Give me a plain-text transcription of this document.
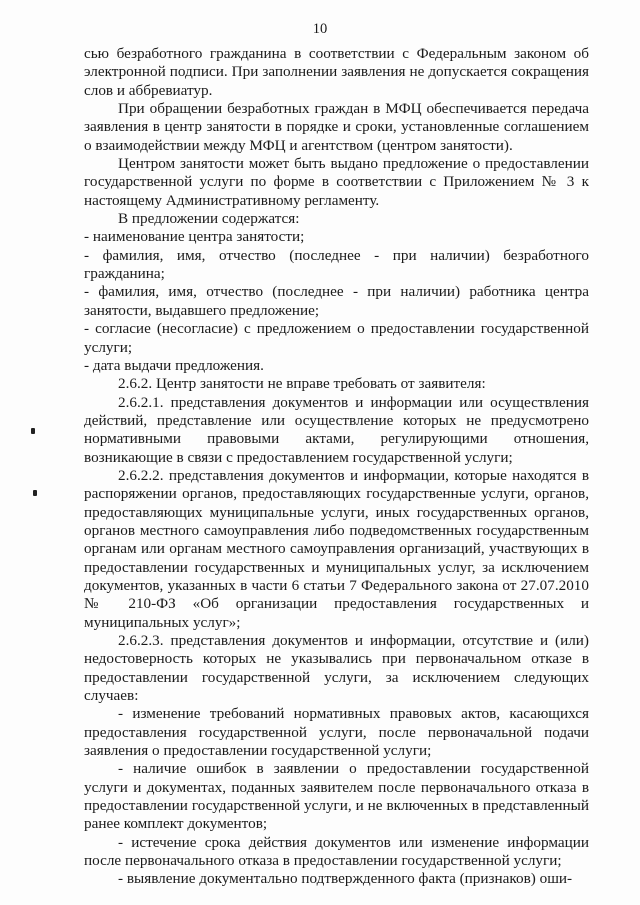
10

сью безработного гражданина в соответствии с Федеральным законом об электронной подписи. При заполнении заявления не допускается сокращения слов и аббревиатур.

При обращении безработных граждан в МФЦ обеспечивается передача заявления в центр занятости в порядке и сроки, установленные соглашением о взаимодействии между МФЦ и агентством (центром занятости).

Центром занятости может быть выдано предложение о предоставлении государственной услуги по форме в соответствии с Приложением № 3 к настоящему Административному регламенту.

В предложении содержатся:

- наименование центра занятости;

- фамилия, имя, отчество (последнее - при наличии) безработного гражданина;

- фамилия, имя, отчество (последнее - при наличии) работника центра занятости, выдавшего предложение;

- согласие (несогласие) с предложением о предоставлении государственной услуги;

- дата выдачи предложения.

2.6.2. Центр занятости не вправе требовать от заявителя:

2.6.2.1. представления документов и информации или осуществления действий, представление или осуществление которых не предусмотрено нормативными правовыми актами, регулирующими отношения, возникающие в связи с предоставлением государственной услуги;

2.6.2.2. представления документов и информации, которые находятся в распоряжении органов, предоставляющих государственные услуги, органов, предоставляющих муниципальные услуги, иных государственных органов, органов местного самоуправления либо подведомственных государственным органам или органам местного самоуправления организаций, участвующих в предоставлении государственных и муниципальных услуг, за исключением документов, указанных в части 6 статьи 7 Федерального закона от 27.07.2010 № 210-ФЗ «Об организации предоставления государственных и муниципальных услуг»;

2.6.2.3. представления документов и информации, отсутствие и (или) недостоверность которых не указывались при первоначальном отказе в предоставлении государственной услуги, за исключением следующих случаев:

- изменение требований нормативных правовых актов, касающихся предоставления государственной услуги, после первоначальной подачи заявления о предоставлении государственной услуги;

- наличие ошибок в заявлении о предоставлении государственной услуги и документах, поданных заявителем после первоначального отказа в предоставлении государственной услуги, и не включенных в представленный ранее комплект документов;

- истечение срока действия документов или изменение информации после первоначального отказа в предоставлении государственной услуги;

- выявление документально подтвержденного факта (признаков) оши-
